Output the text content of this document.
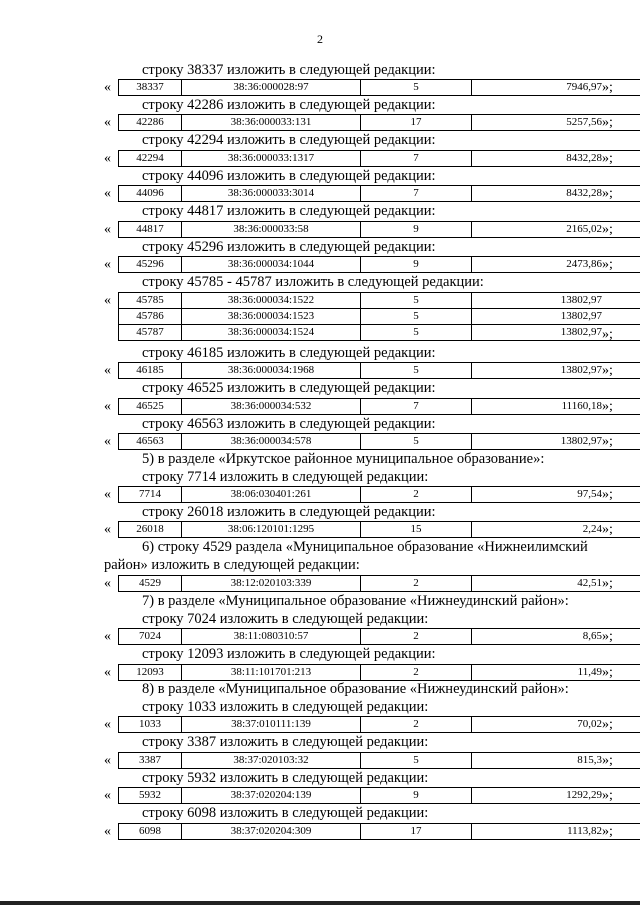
2
строку 38337 изложить в следующей редакции:
строку 42286 изложить в следующей редакции:
строку 42294 изложить в следующей редакции:
строку 44096 изложить в следующей редакции:
строку 44817 изложить в следующей редакции:
строку 45296 изложить в следующей редакции:
строку 45785 - 45787 изложить в следующей редакции:
строку 46185 изложить в следующей редакции:
строку 46525 изложить в следующей редакции:
строку 46563 изложить в следующей редакции:
5) в разделе «Иркутское районное муниципальное образование»:
строку 7714 изложить в следующей редакции:
строку 26018 изложить в следующей редакции:
6) строку 4529 раздела «Муниципальное образование «Нижнеилимский
район» изложить в следующей редакции:
7) в разделе «Муниципальное образование «Нижнеудинский район»:
строку 7024 изложить в следующей редакции:
строку 12093 изложить в следующей редакции:
8) в разделе «Муниципальное образование «Нижнеудинский район»:
строку 1033 изложить в следующей редакции:
строку 3387 изложить в следующей редакции:
строку 5932 изложить в следующей редакции:
строку 6098 изложить в следующей редакции:
« 38337	38:36:000028:97	5	7946,97 »;
« 42286	38:36:000033:131	17	5257,56 »;
« 42294	38:36:000033:1317	7	8432,28 »;
« 44096	38:36:000033:3014	7	8432,28 »;
« 44817	38:36:000033:58	9	2165,02 »;
« 45296	38:36:000034:1044	9	2473,86 »;
« 45785	38:36:000034:1522	5	13802,97
45786	38:36:000034:1523	5	13802,97
45787	38:36:000034:1524	5	13802,97 »;
« 46185	38:36:000034:1968	5	13802,97 »;
« 46525	38:36:000034:532	7	11160,18 »;
« 46563	38:36:000034:578	5	13802,97 »;
«	7714	38:06:030401:261	2	97,54 »;
« 26018	38:06:120101:1295	15	2,24 »;
«	4529	38:12:020103:339	2	42,51 »;
«	7024	38:11:080310:57	2	8,65 »;
« 12093	38:11:101701:213	2	11,49 »;
«	1033	38:37:010111:139	2	70,02 »;
«	3387	38:37:020103:32	5	815,3 »;
«	5932	38:37:020204:139	9	1292,29 »;
«	6098	38:37:020204:309	17	1113,82 »;
